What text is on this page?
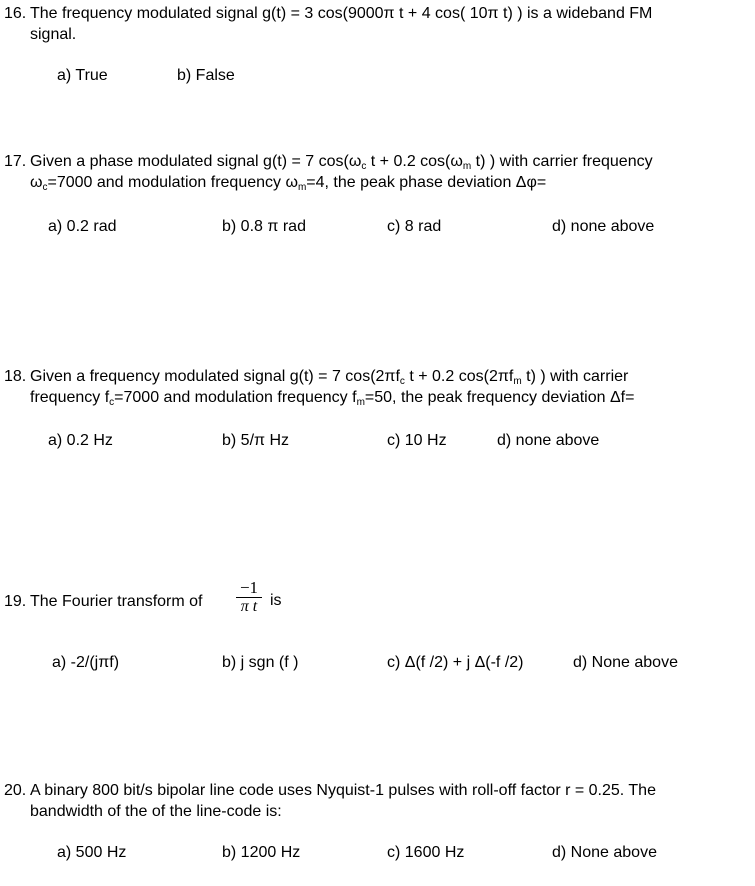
16. The frequency modulated signal g(t) = 3 cos(9000π t + 4 cos( 10π t) ) is a wideband FM
signal.
a) True	b) False
17. Given a phase modulated signal g(t) = 7 $\cos(\omega_c$ t + 0.2 $\cos(\omega_m$ t) ) with carrier frequency
$\omega_c=7000$ and modulation frequency $\omega_m=4$, the peak phase deviation Δφ=
a) 0.2 rad	b) 0.8 π rad	c) 8 rad	d) none above
18. Given a frequency modulated signal g(t) = 7 $\cos(2\pi f_c$ t + 0.2 $\cos(2\pi f_m$ t) ) with carrier
frequency $f_c=7000$ and modulation frequency $f_m=50$, the peak frequency deviation Δf=
a) 0.2 Hz	b) 5/π Hz	c) 10 Hz	d) none above
19. The Fourier transform of
−1
π t is
a) -2/(jπf)	b) j sgn (f )	c) Δ(f /2) + j Δ(-f /2)	d) None above
20. A binary 800 bit/s bipolar line code uses Nyquist-1 pulses with roll-off factor r = 0.25. The
bandwidth of the of the line-code is:
a) 500 Hz	b) 1200 Hz	c) 1600 Hz	d) None above
